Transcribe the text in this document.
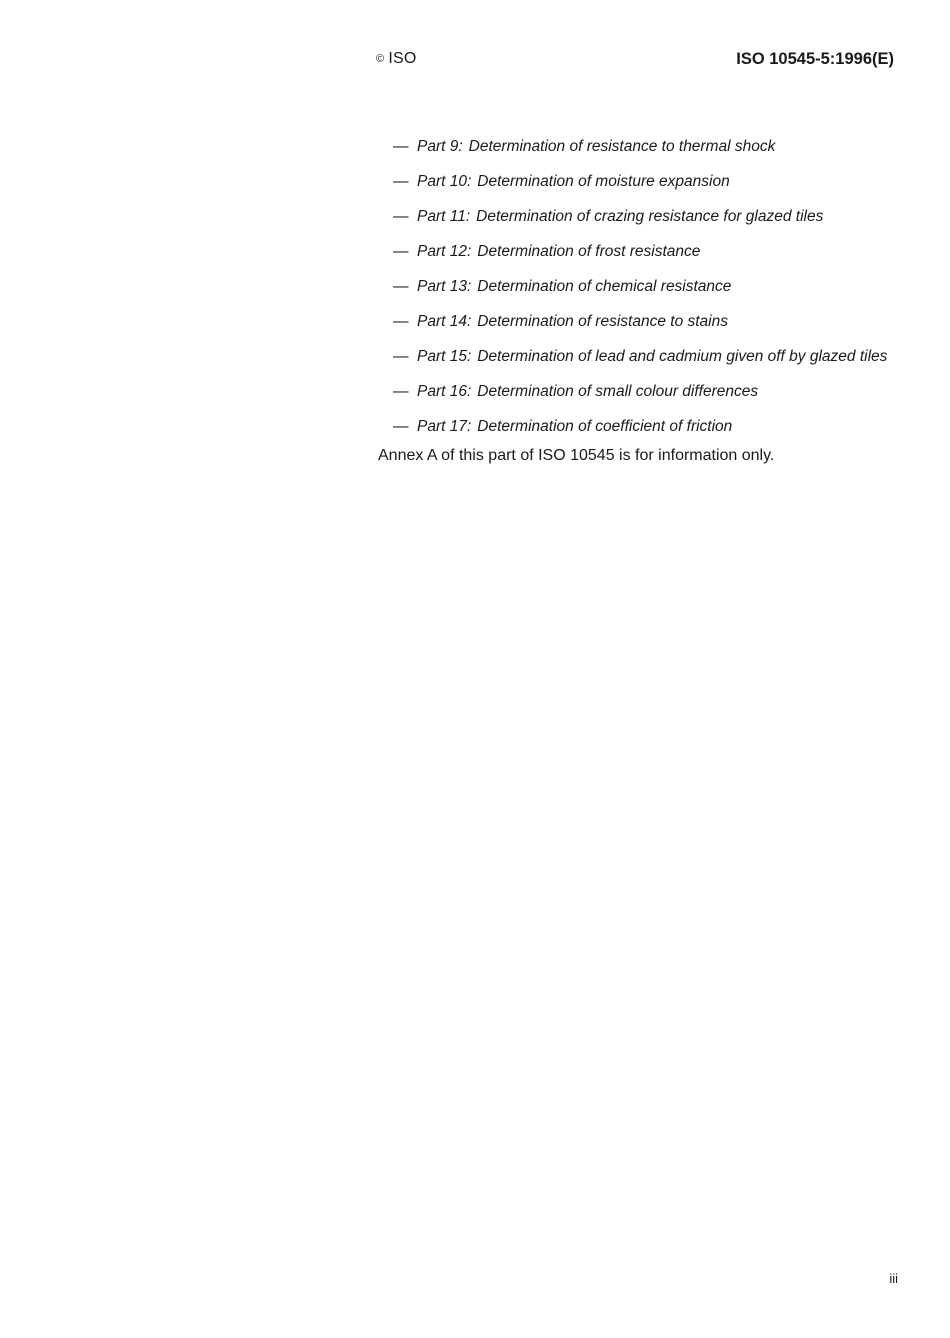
© ISO	ISO 10545-5:1996(E)
— Part 9: Determination of resistance to thermal shock
— Part 10: Determination of moisture expansion
— Part 11: Determination of crazing resistance for glazed tiles
— Part 12: Determination of frost resistance
— Part 13: Determination of chemical resistance
— Part 14: Determination of resistance to stains
— Part 15: Determination of lead and cadmium given off by glazed tiles
— Part 16: Determination of small colour differences
— Part 17: Determination of coefficient of friction
Annex A of this part of ISO 10545 is for information only.
iii
